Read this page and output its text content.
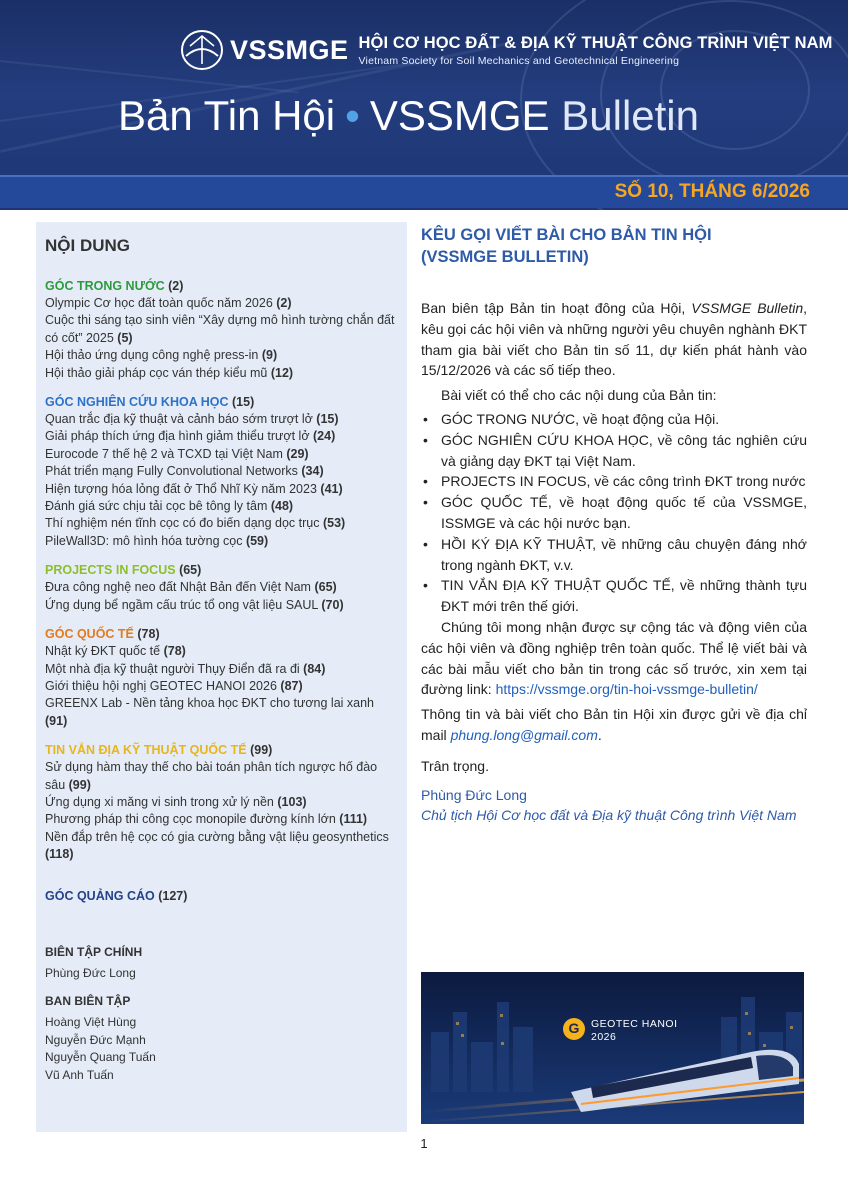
VSSMGE HỘI CƠ HỌC ĐẤT & ĐỊA KỸ THUẬT CÔNG TRÌNH VIỆT NAM
Vietnam Society for Soil Mechanics and Geotechnical Engineering
Bản Tin Hội • VSSMGE Bulletin
SỐ 10, THÁNG 6/2026
NỘI DUNG
GÓC TRONG NƯỚC (2)
Olympic Cơ học đất toàn quốc năm 2026 (2)
Cuộc thi sáng tạo sinh viên “Xây dựng mô hình tường chắn đất có cốt” 2025 (5)
Hội thảo ứng dụng công nghệ press-in (9)
Hội thảo giải pháp cọc ván thép kiểu mũ (12)
GÓC NGHIÊN CỨU KHOA HỌC (15)
Quan trắc địa kỹ thuật và cảnh báo sớm trượt lở (15)
Giải pháp thích ứng địa hình giảm thiểu trượt lở (24)
Eurocode 7 thế hệ 2 và TCXD tại Việt Nam (29)
Phát triển mạng Fully Convolutional Networks (34)
Hiện tượng hóa lỏng đất ở Thổ Nhĩ Kỳ năm 2023 (41)
Đánh giá sức chịu tải cọc bê tông ly tâm (48)
Thí nghiệm nén tĩnh cọc có đo biến dạng dọc trục (53)
PileWall3D: mô hình hóa tường cọc (59)
PROJECTS IN FOCUS (65)
Đưa công nghệ neo đất Nhật Bản đến Việt Nam (65)
Ứng dụng bể ngầm cấu trúc tổ ong vật liệu SAUL (70)
GÓC QUỐC TẾ (78)
Nhật ký ĐKT quốc tế (78)
Một nhà địa kỹ thuật người Thụy Điển đã ra đi (84)
Giới thiệu hội nghị GEOTEC HANOI 2026 (87)
GREENX Lab - Nền tảng khoa học ĐKT cho tương lai xanh (91)
TIN VẮN ĐỊA KỸ THUẬT QUỐC TẾ (99)
Sử dụng hàm thay thế cho bài toán phân tích ngược hố đào sâu (99)
Ứng dụng xi măng vi sinh trong xử lý nền (103)
Phương pháp thi công cọc monopile đường kính lớn (111)
Nền đắp trên hệ cọc có gia cường bằng vật liệu geosynthetics (118)
GÓC QUẢNG CÁO (127)
BIÊN TẬP CHÍNH
Phùng Đức Long
BAN BIÊN TẬP
Hoàng Việt Hùng
Nguyễn Đức Mạnh
Nguyễn Quang Tuấn
Vũ Anh Tuấn
KÊU GỌI VIẾT BÀI CHO BẢN TIN HỘI
(VSSMGE BULLETIN)

Ban biên tập Bản tin hoạt đông của Hội, VSSMGE Bulletin, kêu gọi các hội viên và những người yêu chuyên nghành ĐKT tham gia bài viết cho Bản tin số 11, dự kiến phát hành vào 15/12/2026 và các số tiếp theo.

Bài viết có thể cho các nội dung của Bản tin:

• GÓC TRONG NƯỚC, về hoạt động của Hội.
• GÓC NGHIÊN CỨU KHOA HỌC, về công tác nghiên cứu và giảng dạy ĐKT tại Việt Nam.
• PROJECTS IN FOCUS, về các công trình ĐKT trong nước
• GÓC QUỐC TẾ, về hoạt động quốc tế của VSSMGE, ISSMGE và các hội nước bạn.
• HỒI KÝ ĐỊA KỸ THUẬT, về những câu chuyện đáng nhớ trong ngành ĐKT, v.v.
• TIN VẮN ĐỊA KỸ THUẬT QUỐC TẾ, về những thành tựu ĐKT mới trên thế giới.

Chúng tôi mong nhận được sự cộng tác và động viên của các hội viên và đồng nghiệp trên toàn quốc. Thể lệ viết bài và các bài mẫu viết cho bản tin trong các số trước, xin xem tại đường link: https://vssmge.org/tin-hoi-vssmge-bulletin/

Thông tin và bài viết cho Bản tin Hội xin được gửi về địa chỉ mail phung.long@gmail.com.

Trân trọng.

Phùng Đức Long
Chủ tịch Hội Cơ học đất và Địa kỹ thuật Công trình Việt Nam
G GEOTEC HANOI
2026
1
